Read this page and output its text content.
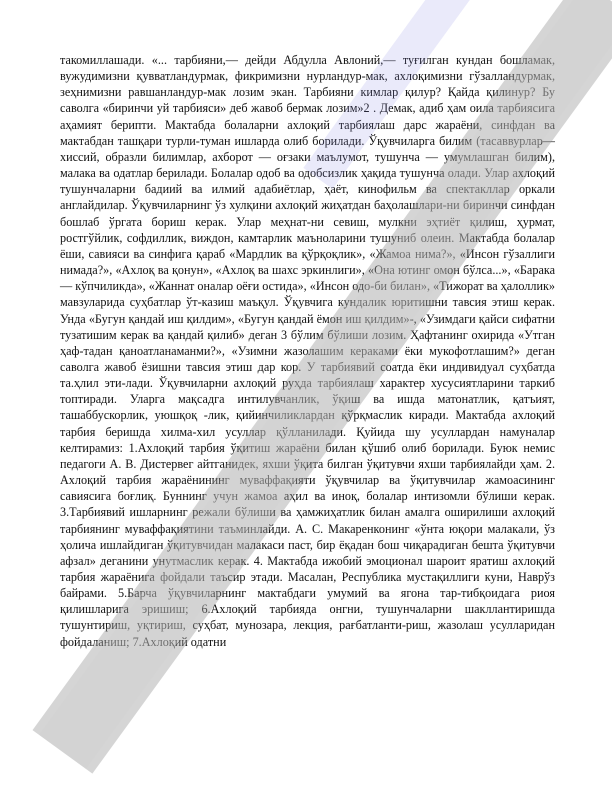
такомиллашади. «... тарбияни,— дейди Абдулла Авлоний,— туғилган кундан бошламак, вужудимизни қувватландурмак, фикримизни нурландур-мак, ахлоқимизни гўзалландурмак, зеҳнимизни равшанландур-мак лозим экан. Тарбияни кимлар қилур? Қайда қилинур? Бу саволга «биринчи уй тарбияси» деб жавоб бермак лозим»2 . Демак, адиб ҳам оила тарбиясига аҳамият берипти. Мактабда болаларни ахлоқий тарбиялаш дарс жараёни, синфдан ва мактабдан ташқари турли-туман ишларда олиб борилади. Ўқувчиларга билим (тасаввурлар—хиссий, образли билимлар, ахборот — оғзаки маълумот, тушунча — умумлашган билим), малака ва одатлар берилади. Болалар одоб ва одобсизлик ҳақида тушунча олади. Улар ахлоқий тушунчаларни бадиий ва илмий адабиётлар, ҳаёт, кинофильм ва спектакллар оркали англайдилар. Ўқувчиларнинг ўз хулқини ахлоқий жиҳатдан баҳолашлари-ни биринчи синфдан бошлаб ўргата бориш керак. Улар меҳнат-ни севиш, мулкни эҳтиёт қилиш, ҳурмат, ростгўйлик, софдиллик, виждон, камтарлик маъноларини тушуниб олеин. Мактабда болалар ёши, савияси ва синфига қараб «Мардлик ва қўрқоқлик», «Жамоа нима?», «Инсон гўзаллиги нимада?», «Ахлоқ ва қонун», «Ахлоқ ва шахс эркинлиги», «Она ютинг омон бўлса...», «Барака — кўпчиликда», «Жаннат оналар оёғи остида», «Инсон одо-би билан», «Тижорат ва ҳалоллик» мавзуларида суҳбатлар ўт-казиш маъқул. Ўқувчига кундалик юритишни тавсия этиш керак. Унда «Бугун қандай иш қилдим», «Бугун қандай ёмон иш қилдим»-, «Узимдаги қайси сифатни тузатишим керак ва қандай қилиб» деган 3 бўлим бўлиши лозим. Ҳафтанинг охирида «Утган ҳаф-тадан қаноатланаманми?», «Узимни жазолашим кераками ёки мукофотлашим?» деган саволга жавоб ёзишни тавсия этиш дар кор. У тарбиявий соатда ёки индивидуал суҳбатда та.ҳлил эти-лади. Ўқувчиларни ахлоқий руҳда тарбиялаш характер хусусиятларини таркиб топтиради. Уларга мақсадга интилувчанлик, ўқиш ва ишда матонатлик, қатъият, ташаббускорлик, уюшқоқ -лик, қийинчиликлардан қўрқмаслик киради. Мактабда ахлоқий тарбия беришда хилма-хил усуллар қўлланилади. Қуйида шу усуллардан намуналар келтирамиз: 1.Ахлоқий тарбия ўқитиш жараёни билан қўшиб олиб борилади. Буюк немис педагоги А. В. Дистервег айтганидек, яхши ўқита билган ўқитувчи яхши тарбиялайди ҳам. 2. Ахлоқий тарбия жараёнининг муваффақияти ўқувчилар ва ўқитувчилар жамоасининг савиясига боғлиқ. Буннинг учун жамоа аҳил ва иноқ, болалар интизомли бўлиши керак. 3.Тарбиявий ишларнинг режали бўлиши ва ҳамжиҳатлик билан амалга оширилиши ахлоқий тарбиянинг муваффақиятини таъминлайди. А. С. Макаренконинг «ўнта юқори малакали, ўз ҳолича ишлайдиган ўқитувчидан малакаси паст, бир ёқадан бош чиқарадиган бешта ўқитувчи афзал» деганини унутмаслик керак. 4. Мактабда ижобий эмоционал шароит яратиш ахлоқий тарбия жараёнига фойдали таъсир этади. Масалан, Республика мустақиллиги куни, Наврўз байрами. 5.Барча ўқувчиларнинг мактабдаги умумий ва ягона тар-тибқоидага риоя қилишларига эришиш; 6.Ахлоқий тарбияда онгни, тушунчаларни шакллантиришда тушунтириш, уқтириш, суҳбат, мунозара, лекция, рағбатланти-риш, жазолаш усулларидан фойдаланиш; 7.Ахлоқий одатни
